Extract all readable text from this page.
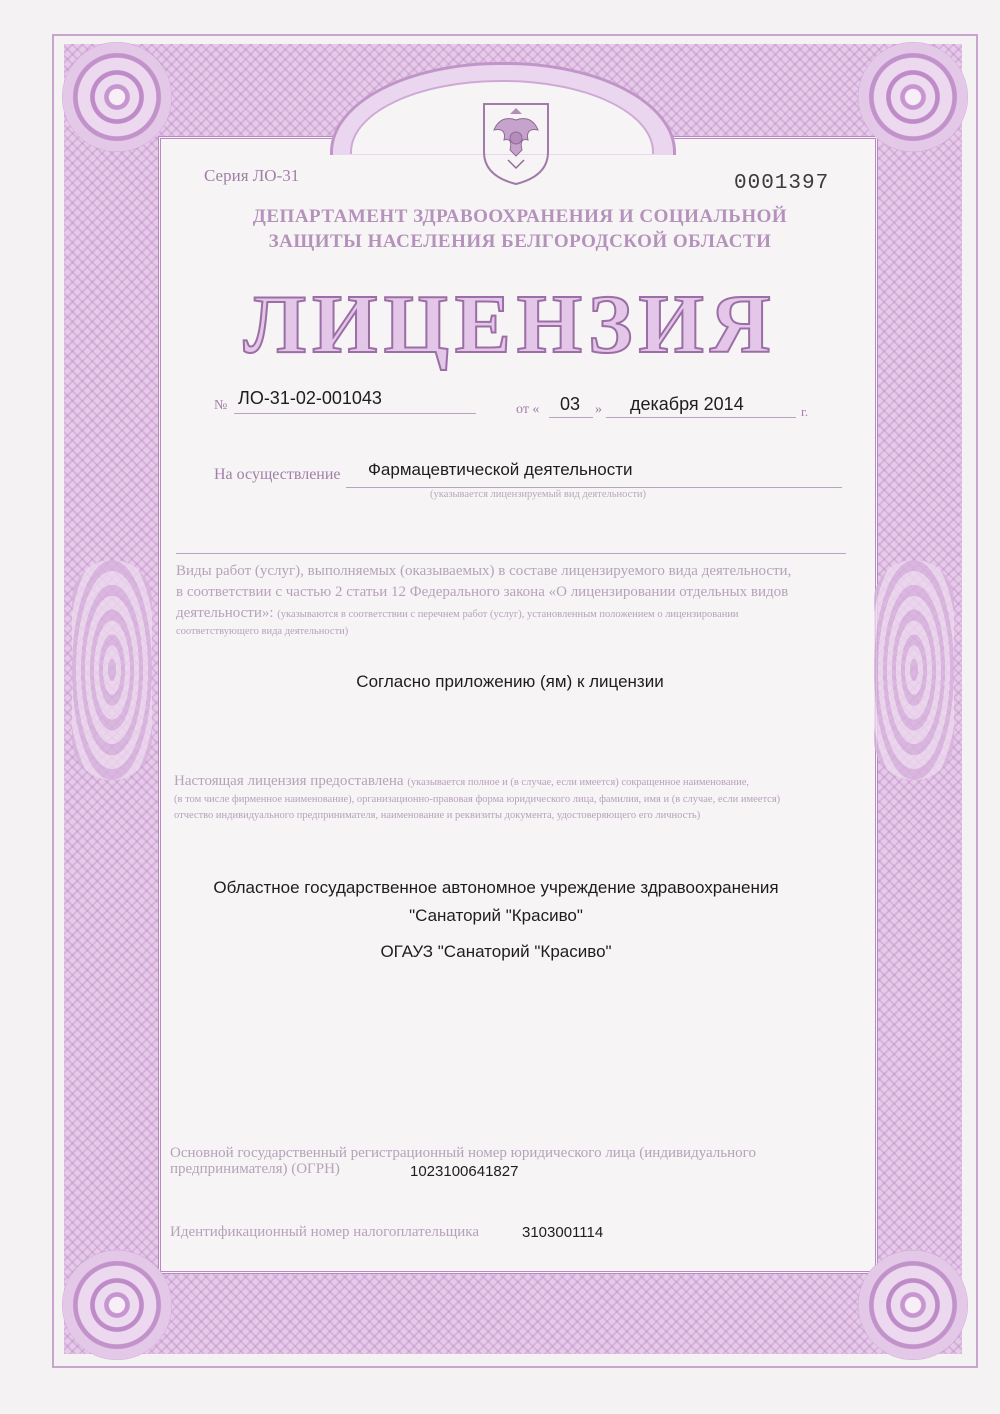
Серия ЛО-31	0001397
ДЕПАРТАМЕНТ ЗДРАВООХРАНЕНИЯ И СОЦИАЛЬНОЙ
ЗАЩИТЫ НАСЕЛЕНИЯ БЕЛГОРОДСКОЙ ОБЛАСТИ
ЛИЦЕНЗИЯ
№ ЛО-31-02-001043
от « 03 » декабря 2014	г.
На осуществление Фармацевтической деятельности
(указывается лицензируемый вид деятельности)
Виды работ (услуг), выполняемых (оказываемых) в составе лицензируемого вида деятельности,
в соответствии с частью 2 статьи 12 Федерального закона «О лицензировании отдельных видов
деятельности»: (указываются в соответствии с перечнем работ (услуг), установленным положением о лицензировании
соответствующего вида деятельности)
Согласно приложению (ям) к лицензии
Настоящая лицензия предоставлена (указывается полное и (в случае, если имеется) сокращенное наименование,
(в том числе фирменное наименование), организационно-правовая форма юридического лица, фамилия, имя и (в случае, если имеется)
отчество индивидуального предпринимателя, наименование и реквизиты документа, удостоверяющего его личность)
Областное государственное автономное учреждение здравоохранения
"Санаторий "Красиво"
ОГАУЗ "Санаторий "Красиво"
Основной государственный регистрационный номер юридического лица (индивидуального
предпринимателя) (ОГРН)	1023100641827
Идентификационный номер налогоплательщика	3103001114
